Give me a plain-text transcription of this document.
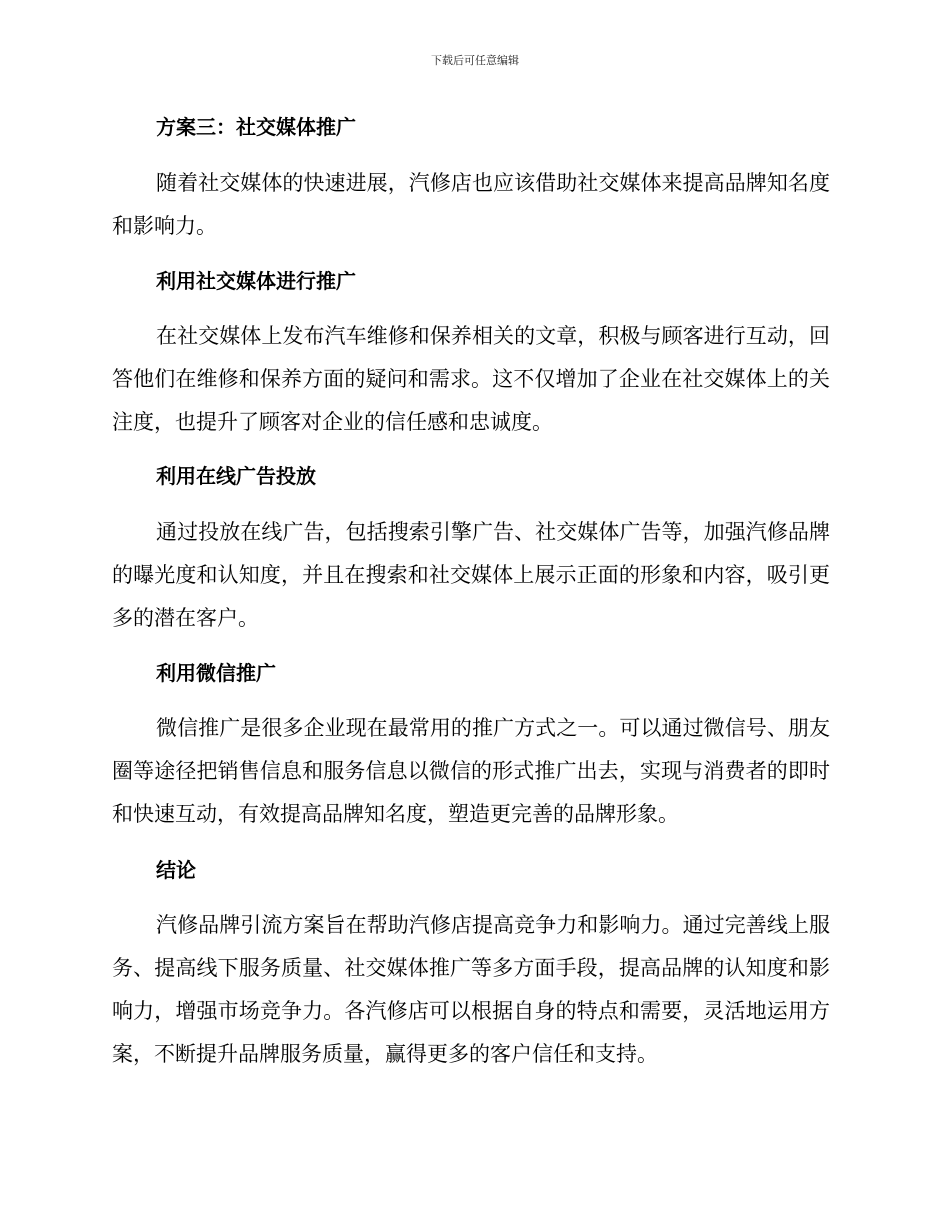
下载后可任意编辑
方案三：社交媒体推广

随着社交媒体的快速进展，汽修店也应该借助社交媒体来提高品牌知名度和影响力。

利用社交媒体进行推广

在社交媒体上发布汽车维修和保养相关的文章，积极与顾客进行互动，回答他们在维修和保养方面的疑问和需求。这不仅增加了企业在社交媒体上的关注度，也提升了顾客对企业的信任感和忠诚度。

利用在线广告投放

通过投放在线广告，包括搜索引擎广告、社交媒体广告等，加强汽修品牌的曝光度和认知度，并且在搜索和社交媒体上展示正面的形象和内容，吸引更多的潜在客户。

利用微信推广

微信推广是很多企业现在最常用的推广方式之一。可以通过微信号、朋友圈等途径把销售信息和服务信息以微信的形式推广出去，实现与消费者的即时和快速互动，有效提高品牌知名度，塑造更完善的品牌形象。

结论

汽修品牌引流方案旨在帮助汽修店提高竞争力和影响力。通过完善线上服务、提高线下服务质量、社交媒体推广等多方面手段，提高品牌的认知度和影响力，增强市场竞争力。各汽修店可以根据自身的特点和需要，灵活地运用方案，不断提升品牌服务质量，赢得更多的客户信任和支持。
